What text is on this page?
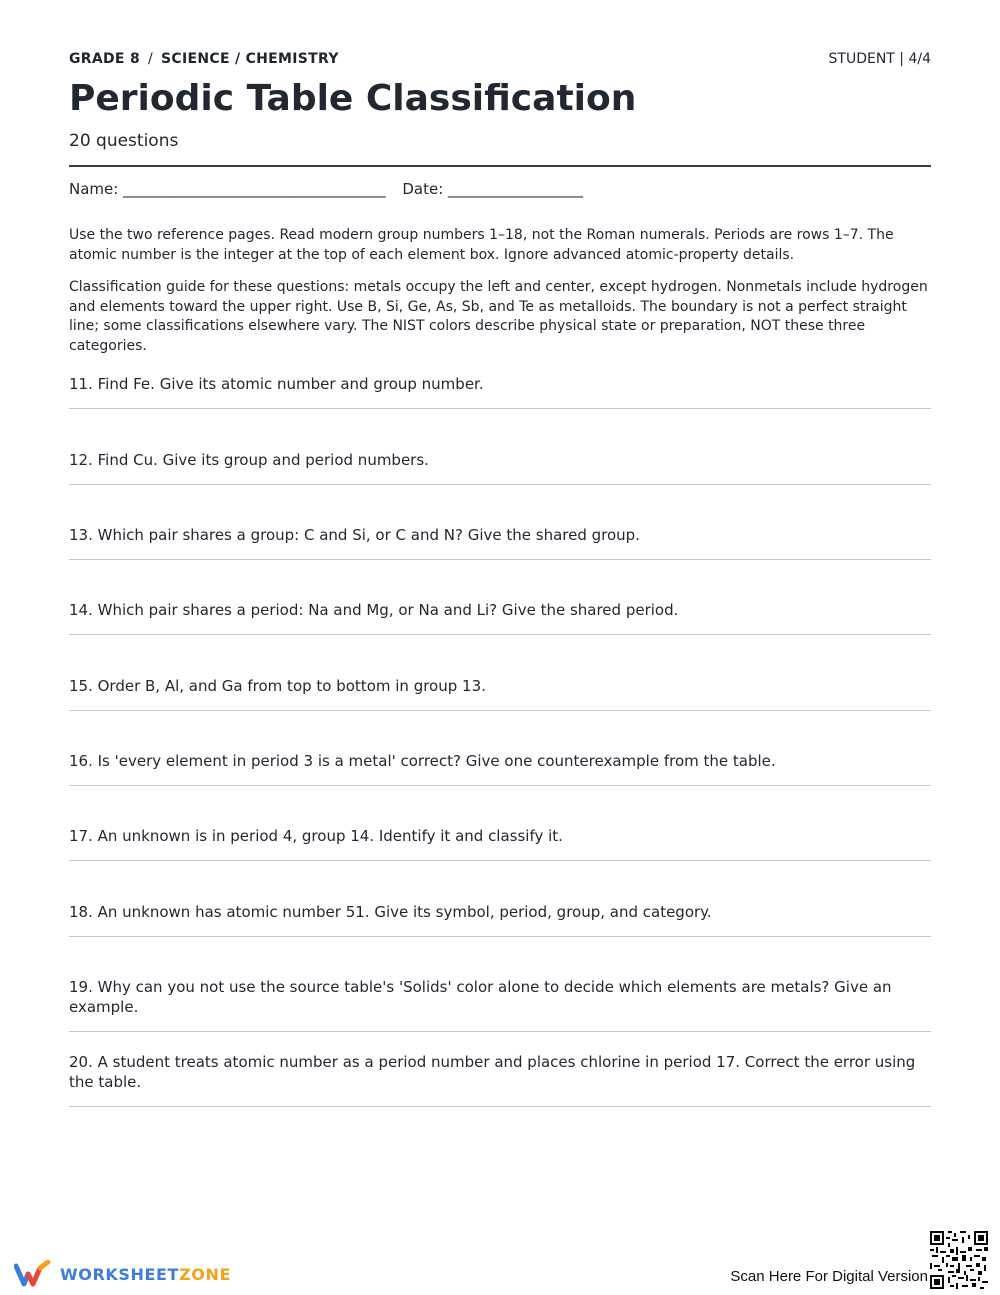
GRADE 8 / SCIENCE / CHEMISTRY	STUDENT | 4/4
Periodic Table Classification
20 questions
Name: ___________________________________ Date: __________________
Use the two reference pages. Read modern group numbers 1–18, not the Roman numerals. Periods are rows 1–7. The atomic number is the integer at the top of each element box. Ignore advanced atomic-property details.
Classification guide for these questions: metals occupy the left and center, except hydrogen. Nonmetals include hydrogen and elements toward the upper right. Use B, Si, Ge, As, Sb, and Te as metalloids. The boundary is not a perfect straight line; some classifications elsewhere vary. The NIST colors describe physical state or preparation, NOT these three categories.
11. Find Fe. Give its atomic number and group number.
12. Find Cu. Give its group and period numbers.
13. Which pair shares a group: C and Si, or C and N? Give the shared group.
14. Which pair shares a period: Na and Mg, or Na and Li? Give the shared period.
15. Order B, Al, and Ga from top to bottom in group 13.
16. Is 'every element in period 3 is a metal' correct? Give one counterexample from the table.
17. An unknown is in period 4, group 14. Identify it and classify it.
18. An unknown has atomic number 51. Give its symbol, period, group, and category.
19. Why can you not use the source table's 'Solids' color alone to decide which elements are metals? Give an example.
20. A student treats atomic number as a period number and places chlorine in period 17. Correct the error using the table.
WORKSHEETZONE	Scan Here For Digital Version
